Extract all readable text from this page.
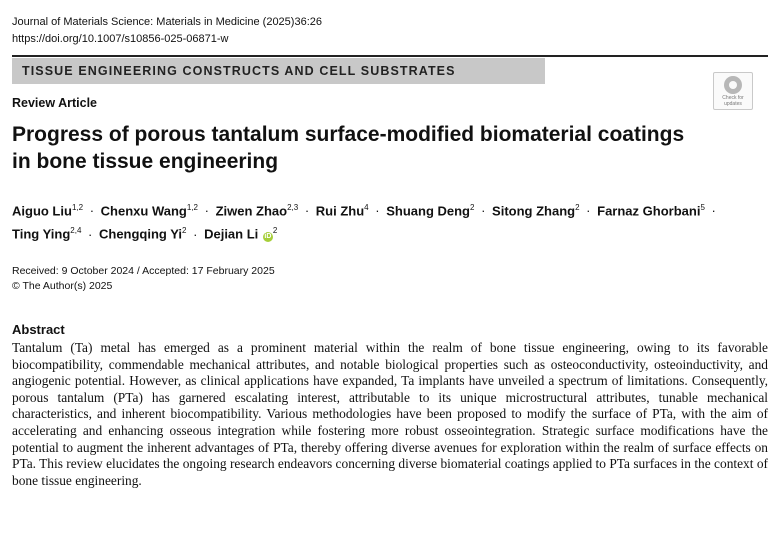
Journal of Materials Science: Materials in Medicine (2025)36:26
https://doi.org/10.1007/s10856-025-06871-w
TISSUE ENGINEERING CONSTRUCTS AND CELL SUBSTRATES
Check for
updates
Review Article
Progress of porous tantalum surface-modified biomaterial coatings
in bone tissue engineering
Aiguo Liu$^{1,2}$ · Chenxu Wang$^{1,2}$ · Ziwen Zhao$^{2,3}$ · Rui Zhu$^4$ · Shuang Deng$^2$ · Sitong Zhang$^2$ · Farnaz Ghorbani$^5$ ·
Ting Ying$^{2,4}$ · Chengqing $Yi^2$ · Dejian Li $iD^2$
Received: 9 October 2024 / Accepted: 17 February 2025
© The Author(s) 2025
Abstract
Tantalum (Ta) metal has emerged as a prominent material within the realm of bone tissue engineering, owing to its favorable biocompatibility, commendable mechanical attributes, and notable biological properties such as osteoconductivity, osteoinductivity, and angiogenic potential. However, as clinical applications have expanded, Ta implants have unveiled a spectrum of limitations. Consequently, porous tantalum (PTa) has garnered escalating interest, attributable to its unique microstructural attributes, tunable mechanical characteristics, and inherent biocompatibility. Various methodologies have been proposed to modify the surface of PTa, with the aim of accelerating and enhancing osseous integration while fostering more robust osseointegration. Strategic surface modifications have the potential to augment the inherent advantages of PTa, thereby offering diverse avenues for exploration within the realm of surface effects on PTa. This review elucidates the ongoing research endeavors concerning diverse biomaterial coatings applied to PTa surfaces in the context of bone tissue engineering.
